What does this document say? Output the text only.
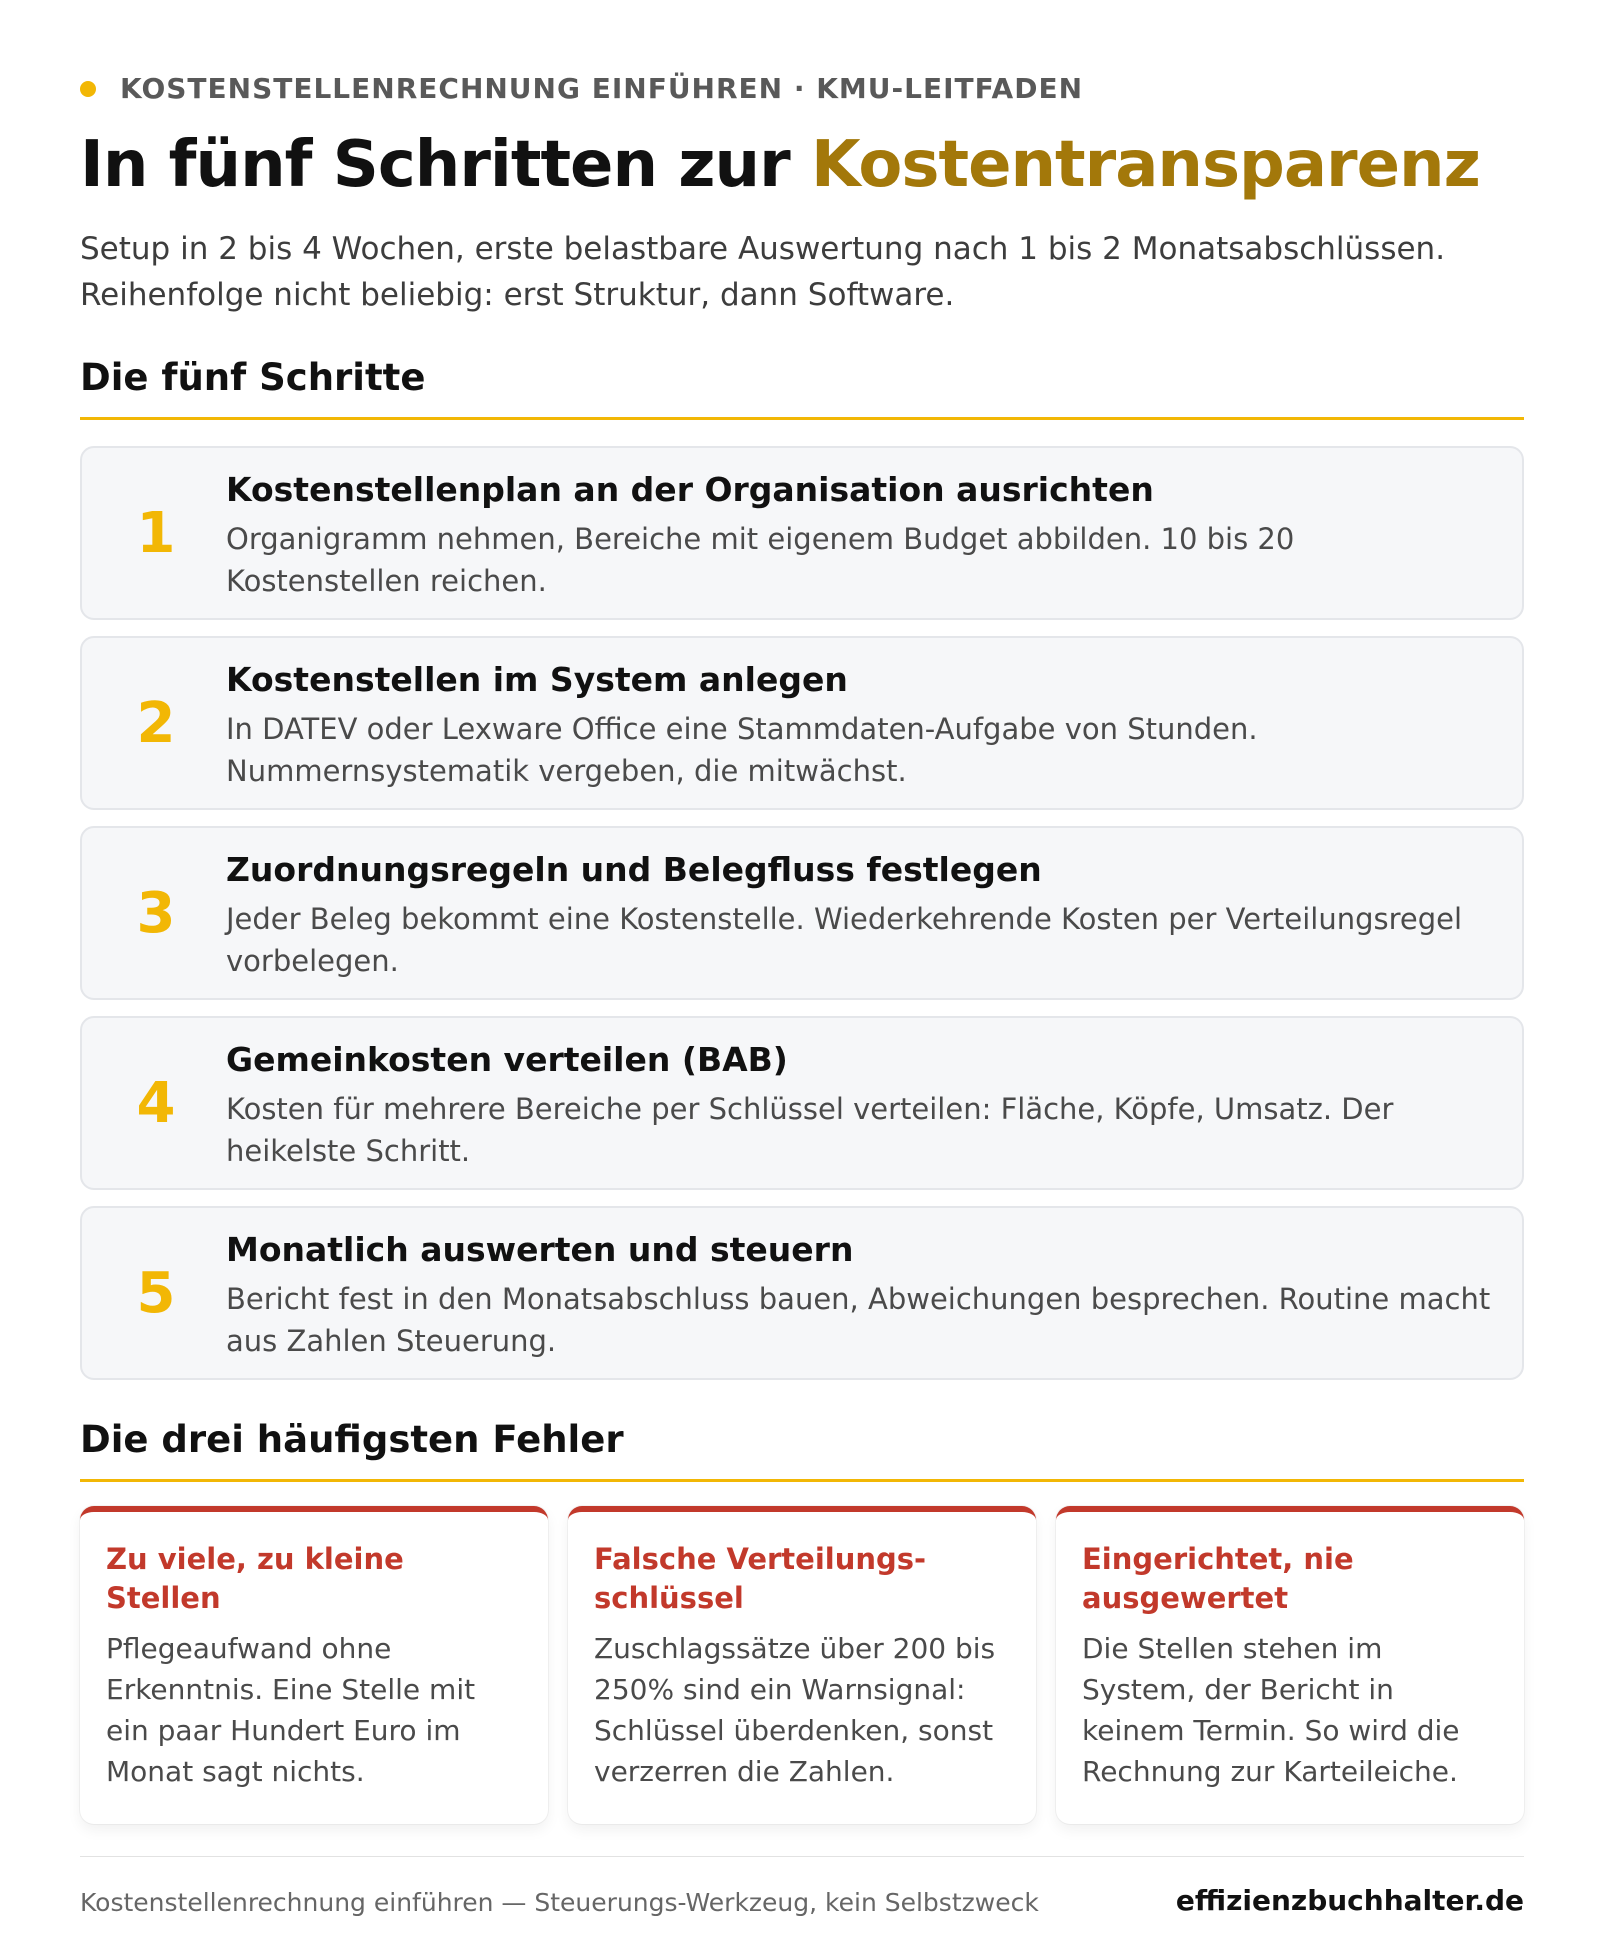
KOSTENSTELLENRECHNUNG EINFÜHREN · KMU-LEITFADEN
In fünf Schritten zur Kostentransparenz

Setup in 2 bis 4 Wochen, erste belastbare Auswertung nach 1 bis 2 Monatsabschlüssen. Reihenfolge nicht beliebig: erst Struktur, dann Software.

Die fünf Schritte
1
Kostenstellenplan an der Organisation ausrichten
Organigramm nehmen, Bereiche mit eigenem Budget abbilden. 10 bis 20 Kostenstellen reichen.
2
Kostenstellen im System anlegen
In DATEV oder Lexware Office eine Stammdaten-Aufgabe von Stunden. Nummernsystematik vergeben, die mitwächst.
3
Zuordnungsregeln und Belegfluss festlegen
Jeder Beleg bekommt eine Kostenstelle. Wiederkehrende Kosten per Verteilungsregel vorbelegen.
4
Gemeinkosten verteilen (BAB)
Kosten für mehrere Bereiche per Schlüssel verteilen: Fläche, Köpfe, Umsatz. Der heikelste Schritt.
5
Monatlich auswerten und steuern
Bericht fest in den Monatsabschluss bauen, Abweichungen besprechen. Routine macht aus Zahlen Steuerung.
Die drei häufigsten Fehler
Zu viele, zu kleine Stellen
Pflegeaufwand ohne Erkenntnis. Eine Stelle mit ein paar Hundert Euro im Monat sagt nichts.
Falsche Verteilungs-schlüssel
Zuschlagssätze über 200 bis 250% sind ein Warnsignal: Schlüssel überdenken, sonst verzerren die Zahlen.
Eingerichtet, nie ausgewertet
Die Stellen stehen im System, der Bericht in keinem Termin. So wird die Rechnung zur Karteileiche.
Kostenstellenrechnung einführen — Steuerungs-Werkzeug, kein Selbstzweck	effizienzbuchhalter.de
